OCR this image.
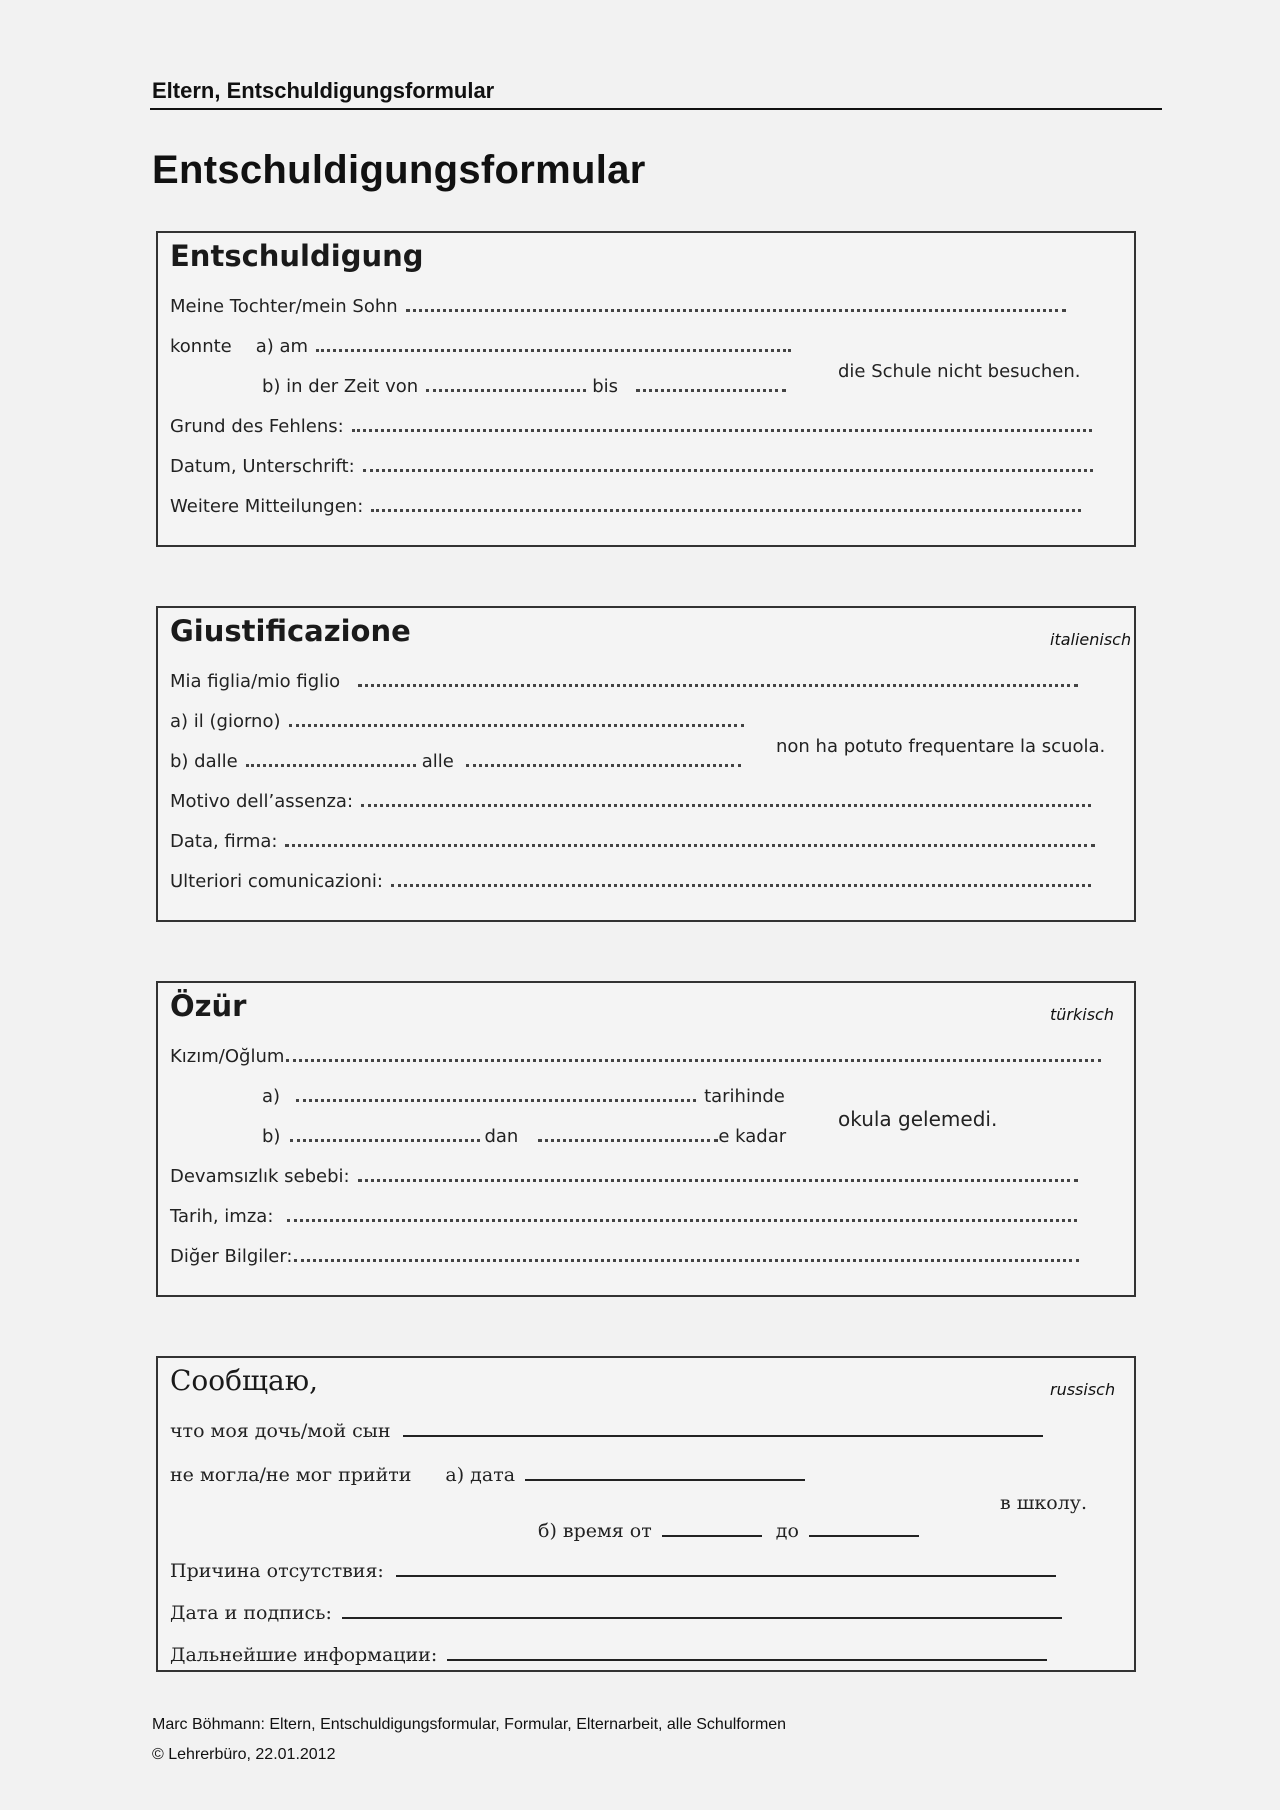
Eltern, Entschuldigungsformular
Entschuldigungsformular
Entschuldigung
Meine Tochter/mein Sohn
konnte a) am
b) in der Zeit von	bis
die Schule nicht besuchen.
Grund des Fehlens:
Datum, Unterschrift:
Weitere Mitteilungen:
Giustificazione	italienisch
Mia figlia/mio figlio
a) il (giorno)
b) dalle	alle
non ha potuto frequentare la scuola.
Motivo dell’assenza:
Data, firma:
Ulteriori comunicazioni:
Özür	türkisch
Kızım/Oğlum
a)	tarihinde
b)	dan	e kadar
okula gelemedi.
Devamsızlık sebebi:
Tarih, imza:
Diğer Bilgiler:
Сообщаю,	russisch
что моя дочь/мой сын
не могла/не мог прийти а) дата
в школу.
б) время от	до
Причина отсутствия:
Дата и подпись:
Дальнейшие информации:
Marc Böhmann: Eltern, Entschuldigungsformular, Formular, Elternarbeit, alle Schulformen
© Lehrerbüro, 22.01.2012
